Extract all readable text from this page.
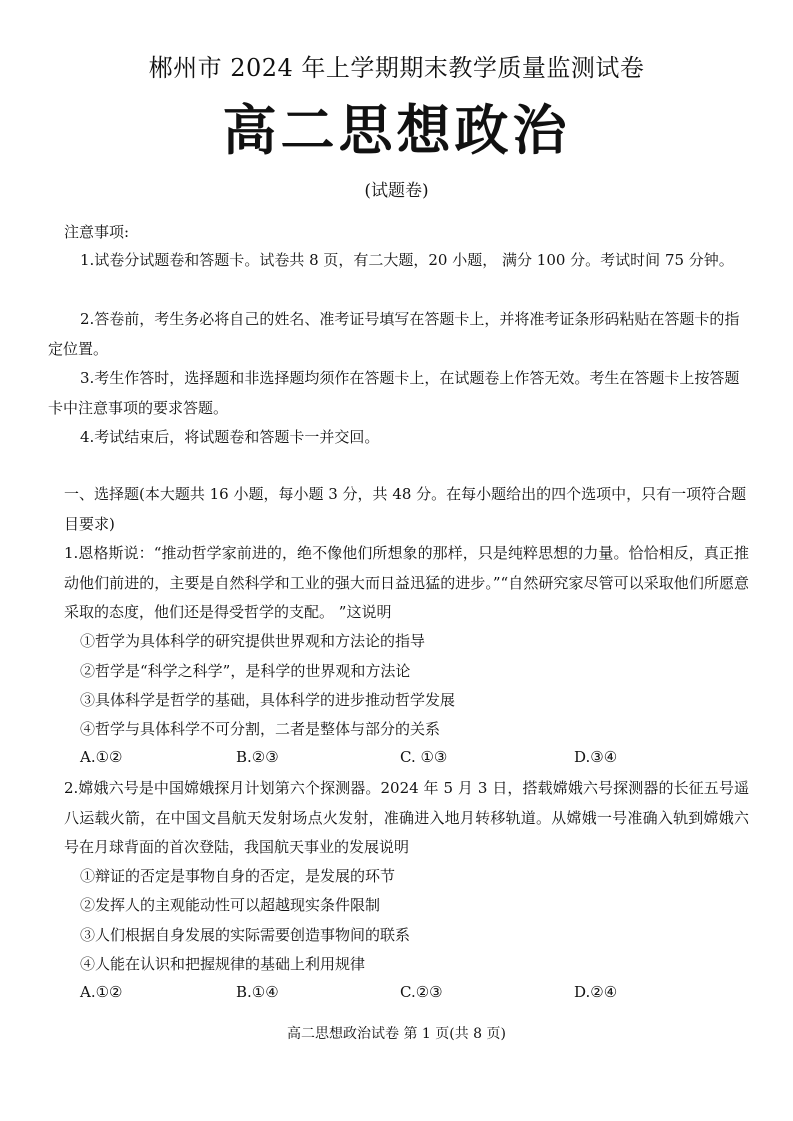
郴州市 2024 年上学期期末教学质量监测试卷
高二思想政治
(试题卷)
注意事项:
1.试卷分试题卷和答题卡。试卷共 8 页，有二大题，20 小题， 满分 100 分。考试时间 75 分钟。
2.答卷前，考生务必将自己的姓名、准考证号填写在答题卡上，并将准考证条形码粘贴在答题卡的指定位置。
3.考生作答时，选择题和非选择题均须作在答题卡上，在试题卷上作答无效。考生在答题卡上按答题卡中注意事项的要求答题。
4.考试结束后，将试题卷和答题卡一并交回。
一、选择题(本大题共 16 小题，每小题 3 分，共 48 分。在每小题给出的四个选项中，只有一项符合题目要求)
1.恩格斯说：“推动哲学家前进的，绝不像他们所想象的那样，只是纯粹思想的力量。恰恰相反，真正推动他们前进的，主要是自然科学和工业的强大而日益迅猛的进步。”“自然研究家尽管可以采取他们所愿意采取的态度，他们还是得受哲学的支配。 ”这说明
①哲学为具体科学的研究提供世界观和方法论的指导
②哲学是“科学之科学”，是科学的世界观和方法论
③具体科学是哲学的基础，具体科学的进步推动哲学发展
④哲学与具体科学不可分割，二者是整体与部分的关系
A.①②	B.②③	C. ①③	D.③④
2.嫦娥六号是中国嫦娥探月计划第六个探测器。2024 年 5 月 3 日，搭载嫦娥六号探测器的长征五号遥八运载火箭，在中国文昌航天发射场点火发射，准确进入地月转移轨道。从嫦娥一号准确入轨到嫦娥六号在月球背面的首次登陆，我国航天事业的发展说明
①辩证的否定是事物自身的否定，是发展的环节
②发挥人的主观能动性可以超越现实条件限制
③人们根据自身发展的实际需要创造事物间的联系
④人能在认识和把握规律的基础上利用规律
A.①②	B.①④	C.②③	D.②④
高二思想政治试卷 第 1 页(共 8 页)
